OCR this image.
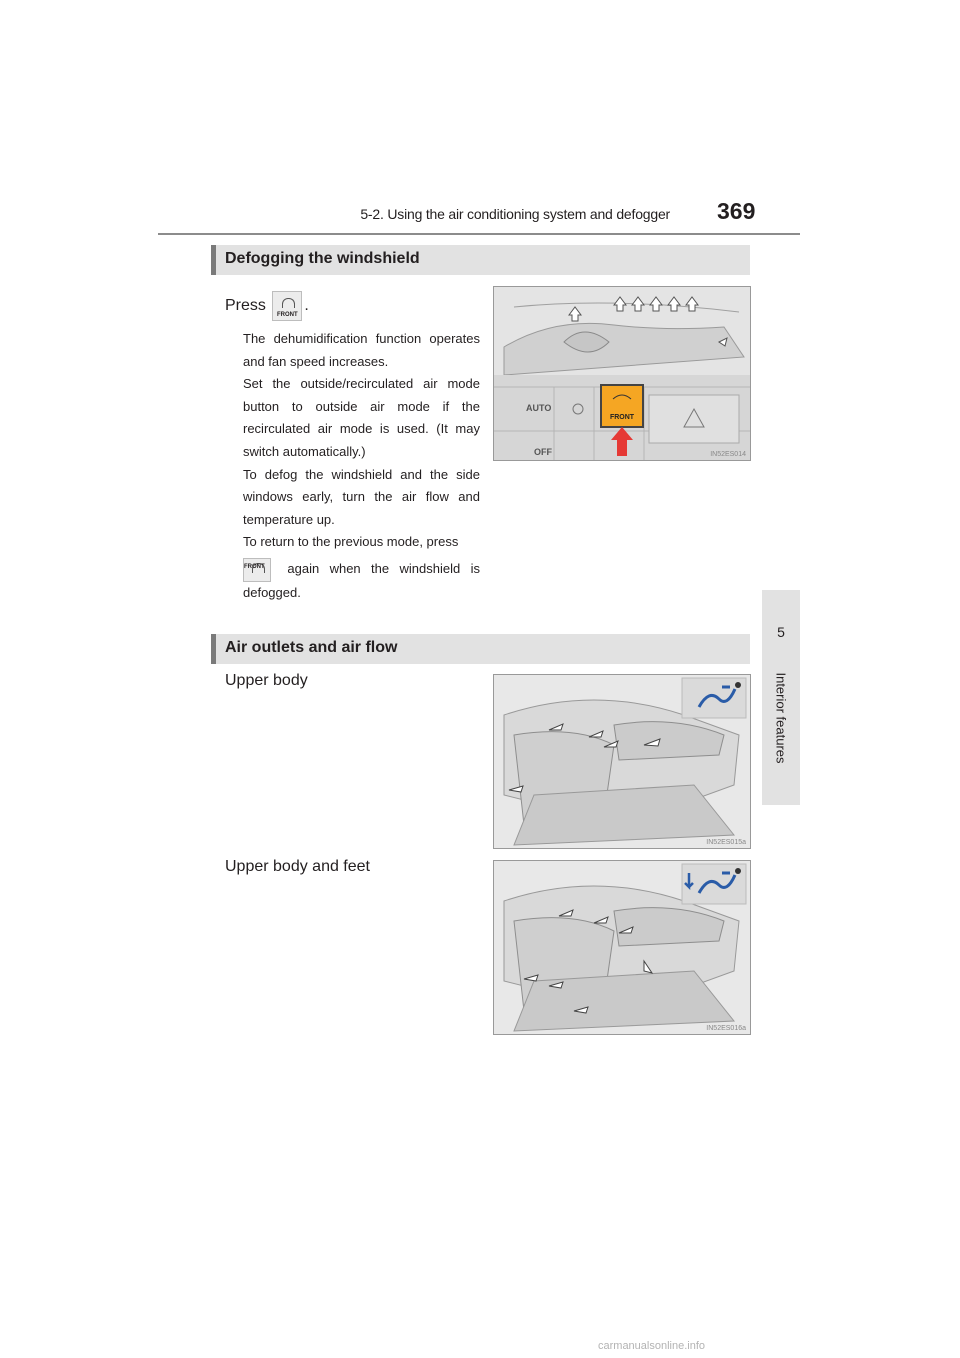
5-2. Using the air conditioning system and defogger 369
5
Interior features
Defogging the windshield
Press
FRONT
.
The dehumidification function operates and fan speed increases.
Set the outside/recirculated air mode button to outside air mode if the recirculated air mode is used. (It may switch automatically.)
To defog the windshield and the side windows early, turn the air flow and temperature up.
To return to the previous mode, press
FRONT	again when the windshield is defogged.
AUTO
OFF
FRONT
IN52ES014
Air outlets and air flow
Upper body
Upper body and feet
IN52ES015a
IN52ES016a
carmanualsonline.info
